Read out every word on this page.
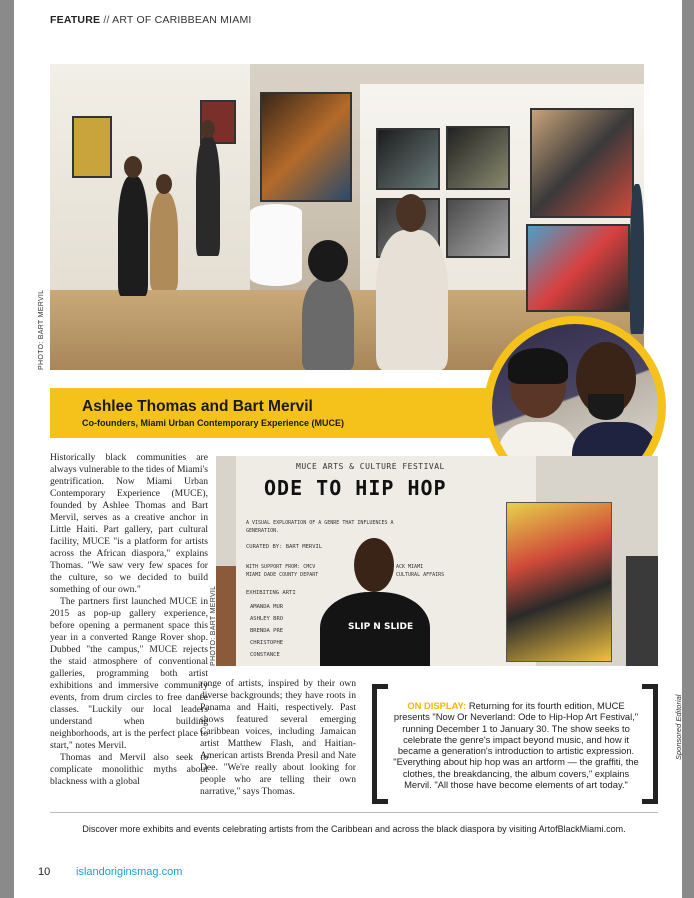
FEATURE // ART OF CARIBBEAN MIAMI
PHOTO: BART MERVIL
Ashlee Thomas and Bart Mervil
Co-founders, Miami Urban Contemporary Experience (MUCE)

Historically black communities are always vulnerable to the tides of Miami's gentrification. Now Miami Urban Contemporary Experience (MUCE), founded by Ashlee Thomas and Bart Mervil, serves as a creative anchor in Little Haiti. Part gallery, part cultural facility, MUCE "is a platform for artists across the African diaspora," explains Thomas. "We saw very few spaces for the culture, so we decided to build something of our own."

The partners first launched MUCE in 2015 as pop-up gallery experience, before opening a permanent space this year in a converted Range Rover shop. Dubbed "the campus," MUCE rejects the staid atmosphere of conventional galleries, programming both artist exhibitions and immersive community events, from drum circles to free dance classes. "Luckily our local leaders understand when building neighborhoods, art is the perfect place to start," notes Mervil.

Thomas and Mervil also seek to complicate monolithic myths about blackness with a global

MUCE ARTS & CULTURE FESTIVAL
ODE TO HIP HOP
A VISUAL EXPLORATION OF A GENRE THAT INFLUENCES A
GENERATION.
CURATED BY: BART MERVIL
WITH SUPPORT FROM: CMCV
MIAMI DADE COUNTY DEPART
ACK MIAMI
CULTURAL AFFAIRS
EXHIBITING ARTI
AMANDA MUR
ASHLEY BRO
BRENDA PRE
CHRISTOPHE
CONSTANCE
SLIP N SLIDE
PHOTO: BART MERVIL

range of artists, inspired by their own diverse backgrounds; they have roots in Panama and Haiti, respectively. Past shows featured several emerging Caribbean voices, including Jamaican artist Matthew Flash, and Haitian-American artists Brenda Presil and Nate Dee. "We're really about looking for people who are telling their own narrative," says Thomas.

ON DISPLAY: Returning for its fourth edition, MUCE presents "Now Or Neverland: Ode to Hip-Hop Art Festival," running December 1 to January 30. The show seeks to celebrate the genre's impact beyond music, and how it became a generation's introduction to artistic expression. "Everything about hip hop was an artform — the graffiti, the clothes, the breakdancing, the album covers," explains Mervil. "All those have become elements of art today."
Sponsored Editorial
Discover more exhibits and events celebrating artists from the Caribbean and across the black diaspora by visiting ArtofBlackMiami.com.
10 islandoriginsmag.com
